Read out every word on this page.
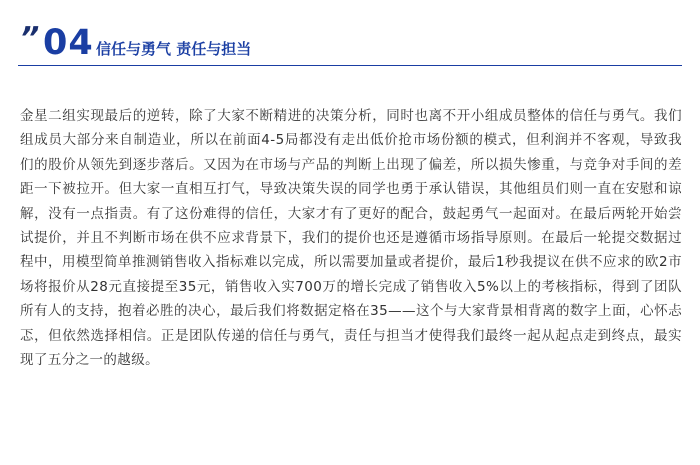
” 04 信任与勇气 责任与担当

金星二组实现最后的逆转，除了大家不断精进的决策分析，同时也离不开小组成员整体的信任与勇气。我们组成员大部分来自制造业，所以在前面4-5局都没有走出低价抢市场份额的模式，但利润并不客观，导致我们的股价从领先到逐步落后。又因为在市场与产品的判断上出现了偏差，所以损失惨重，与竞争对手间的差距一下被拉开。但大家一直相互打气，导致决策失误的同学也勇于承认错误，其他组员们则一直在安慰和谅解，没有一点指责。有了这份难得的信任，大家才有了更好的配合，鼓起勇气一起面对。在最后两轮开始尝试提价，并且不判断市场在供不应求背景下，我们的提价也还是遵循市场指导原则。在最后一轮提交数据过程中，用模型简单推测销售收入指标难以完成，所以需要加量或者提价，最后1秒我提议在供不应求的欧2市场将报价从28元直接提至35元，销售收入实700万的增长完成了销售收入5%以上的考核指标，得到了团队所有人的支持，抱着必胜的决心，最后我们将数据定格在35——这个与大家背景相背离的数字上面，心怀忐忑，但依然选择相信。正是团队传递的信任与勇气，责任与担当才使得我们最终一起从起点走到终点，最实现了五分之一的越级。
